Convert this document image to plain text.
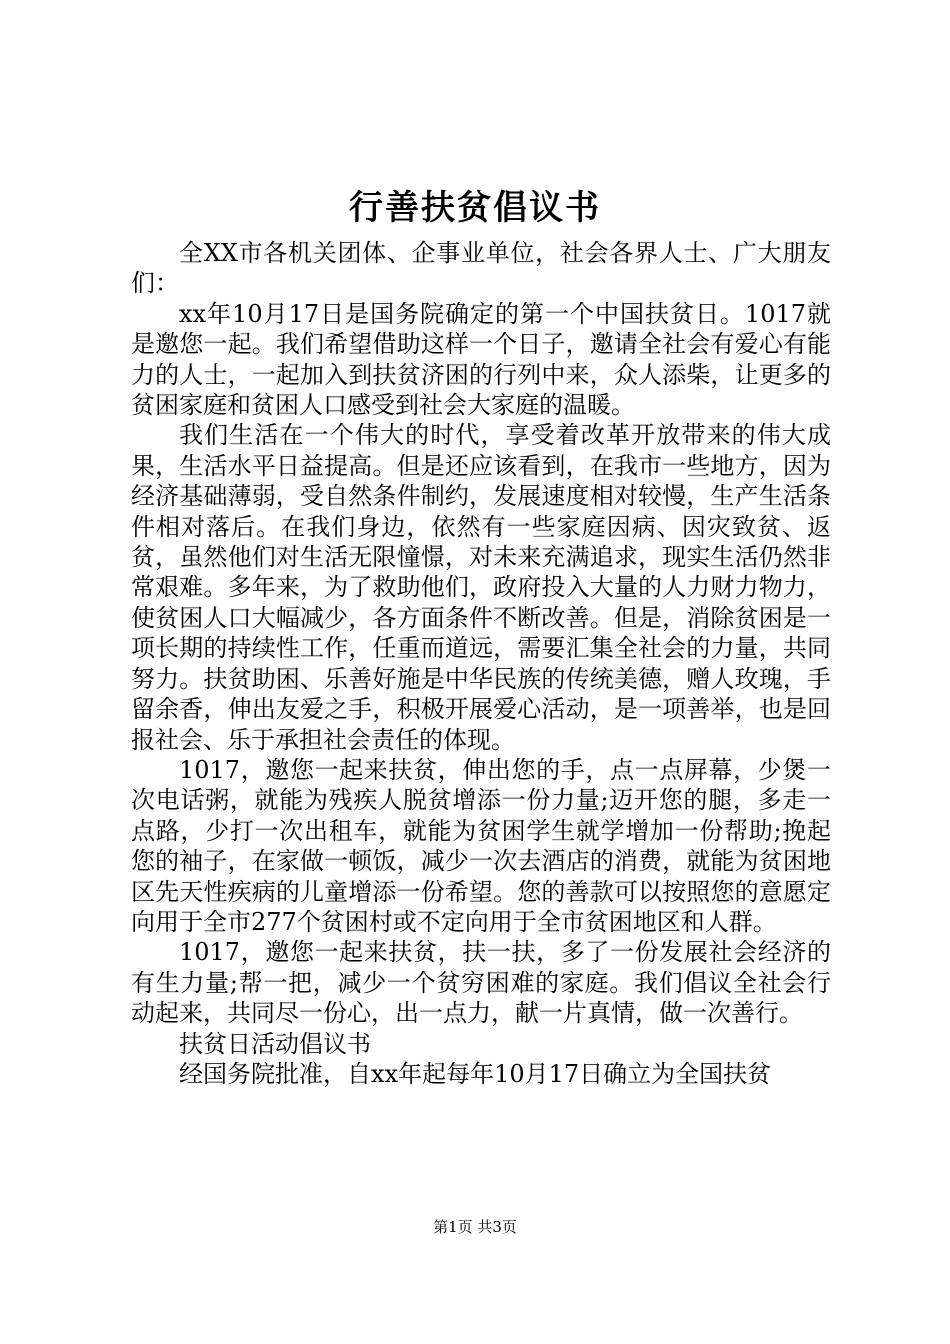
行善扶贫倡议书

全XX市各机关团体、企事业单位，社会各界人士、广大朋友们：

xx年10月17日是国务院确定的第一个中国扶贫日。1017就是邀您一起。我们希望借助这样一个日子，邀请全社会有爱心有能力的人士，一起加入到扶贫济困的行列中来，众人添柴，让更多的贫困家庭和贫困人口感受到社会大家庭的温暖。

我们生活在一个伟大的时代，享受着改革开放带来的伟大成果，生活水平日益提高。但是还应该看到，在我市一些地方，因为经济基础薄弱，受自然条件制约，发展速度相对较慢，生产生活条件相对落后。在我们身边，依然有一些家庭因病、因灾致贫、返贫，虽然他们对生活无限憧憬，对未来充满追求，现实生活仍然非常艰难。多年来，为了救助他们，政府投入大量的人力财力物力，使贫困人口大幅减少，各方面条件不断改善。但是，消除贫困是一项长期的持续性工作，任重而道远，需要汇集全社会的力量，共同努力。扶贫助困、乐善好施是中华民族的传统美德，赠人玫瑰，手留余香，伸出友爱之手，积极开展爱心活动，是一项善举，也是回报社会、乐于承担社会责任的体现。

1017，邀您一起来扶贫，伸出您的手，点一点屏幕，少煲一次电话粥，就能为残疾人脱贫增添一份力量;迈开您的腿，多走一点路，少打一次出租车，就能为贫困学生就学增加一份帮助;挽起您的袖子，在家做一顿饭，减少一次去酒店的消费，就能为贫困地区先天性疾病的儿童增添一份希望。您的善款可以按照您的意愿定向用于全市277个贫困村或不定向用于全市贫困地区和人群。

1017，邀您一起来扶贫，扶一扶，多了一份发展社会经济的有生力量;帮一把，减少一个贫穷困难的家庭。我们倡议全社会行动起来，共同尽一份心，出一点力，献一片真情，做一次善行。

扶贫日活动倡议书

经国务院批准，自xx年起每年10月17日确立为全国扶贫

第1页 共3页
